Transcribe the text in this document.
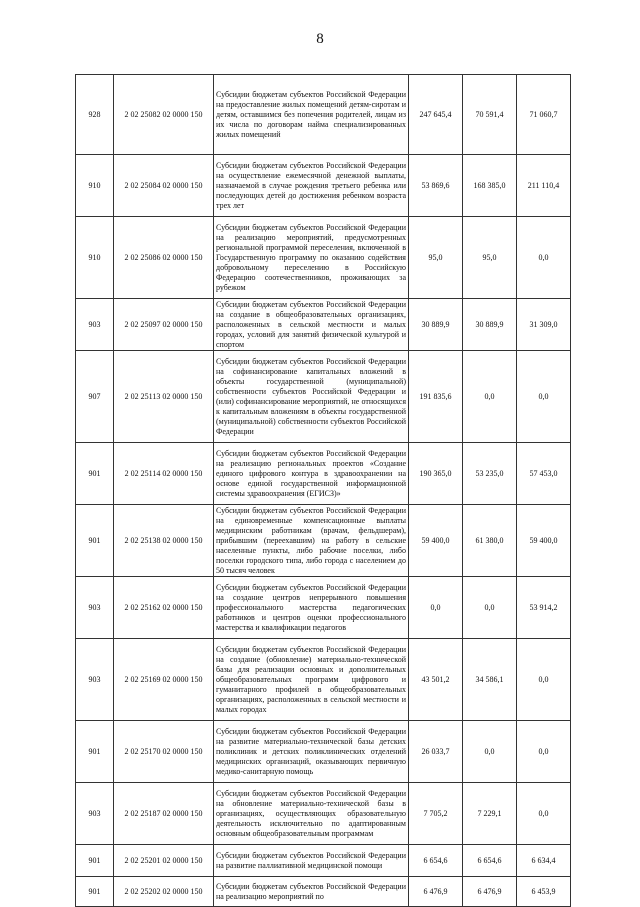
8
928	2 02 25082 02 0000 150	Субсидии бюджетам субъектов Российской Федерации на предоставление жилых помещений детям-сиротам и детям, оставшимся без попечения родителей, лицам из их числа по договорам найма специализированных жилых помещений	247 645,4	70 591,4	71 060,7
910	2 02 25084 02 0000 150	Субсидии бюджетам субъектов Российской Федерации на осуществление ежемесячной денежной выплаты, назначаемой в случае рождения третьего ребенка или последующих детей до достижения ребенком возраста трех лет	53 869,6	168 385,0	211 110,4
910	2 02 25086 02 0000 150	Субсидии бюджетам субъектов Российской Федерации на реализацию мероприятий, предусмотренных региональной программой переселения, включенной в Государственную программу по оказанию содействия добровольному переселению в Российскую Федерацию соотечественников, проживающих за рубежом	95,0	95,0	0,0
903	2 02 25097 02 0000 150	Субсидии бюджетам субъектов Российской Федерации на создание в общеобразовательных организациях, расположенных в сельской местности и малых городах, условий для занятий физической культурой и спортом	30 889,9	30 889,9	31 309,0
907	2 02 25113 02 0000 150	Субсидии бюджетам субъектов Российской Федерации на софинансирование капитальных вложений в объекты государственной (муниципальной) собственности субъектов Российской Федерации и (или) софинансирование мероприятий, не относящихся к капитальным вложениям в объекты государственной (муниципальной) собственности субъектов Российской Федерации	191 835,6	0,0	0,0
901	2 02 25114 02 0000 150	Субсидии бюджетам субъектов Российской Федерации на реализацию региональных проектов «Создание единого цифрового контура в здравоохранении на основе единой государственной информационной системы здравоохранения (ЕГИСЗ)»	190 365,0	53 235,0	57 453,0
901	2 02 25138 02 0000 150	Субсидии бюджетам субъектов Российской Федерации на единовременные компенсационные выплаты медицинским работникам (врачам, фельдшерам), прибывшим (переехавшим) на работу в сельские населенные пункты, либо рабочие поселки, либо поселки городского типа, либо города с населением до 50 тысяч человек	59 400,0	61 380,0	59 400,0
903	2 02 25162 02 0000 150	Субсидии бюджетам субъектов Российской Федерации на создание центров непрерывного повышения профессионального мастерства педагогических работников и центров оценки профессионального мастерства и квалификации педагогов	0,0	0,0	53 914,2
903	2 02 25169 02 0000 150	Субсидии бюджетам субъектов Российской Федерации на создание (обновление) материально-технической базы для реализации основных и дополнительных общеобразовательных программ цифрового и гуманитарного профилей в общеобразовательных организациях, расположенных в сельской местности и малых городах	43 501,2	34 586,1	0,0
901	2 02 25170 02 0000 150	Субсидии бюджетам субъектов Российской Федерации на развитие материально-технической базы детских поликлиник и детских поликлинических отделений медицинских организаций, оказывающих первичную медико-санитарную помощь	26 033,7	0,0	0,0
903	2 02 25187 02 0000 150	Субсидии бюджетам субъектов Российской Федерации на обновление материально-технической базы в организациях, осуществляющих образовательную деятельность исключительно по адаптированным основным общеобразовательным программам	7 705,2	7 229,1	0,0
901	2 02 25201 02 0000 150	Субсидии бюджетам субъектов Российской Федерации на развитие паллиативной медицинской помощи	6 654,6	6 654,6	6 634,4
901	2 02 25202 02 0000 150	Субсидии бюджетам субъектов Российской Федерации на реализацию мероприятий по	6 476,9	6 476,9	6 453,9
